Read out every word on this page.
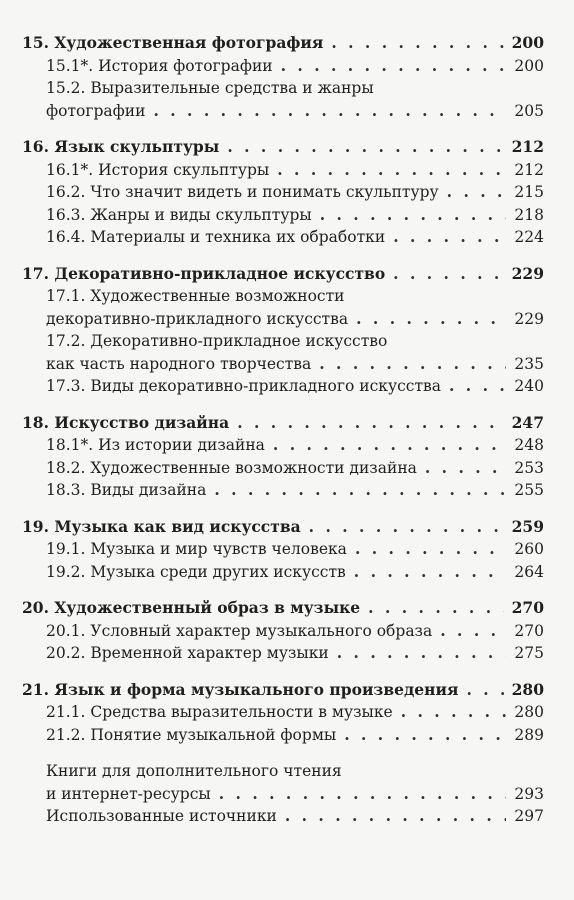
15. Художественная фотография . . .	200
15.1*. История фотографии . . .	200
15.2. Выразительные средства и жанры
фотографии . . .	205
16. Язык скульптуры . . .	212
16.1*. История скульптуры . . .	212
16.2. Что значит видеть и понимать скульптуру . . .	215
16.3. Жанры и виды скульптуры . . .	218
16.4. Материалы и техника их обработки . . .	224
17. Декоративно-прикладное искусство . . .	229
17.1. Художественные возможности
декоративно-прикладного искусства . . .	229
17.2. Декоративно-прикладное искусство
как часть народного творчества . . .	235
17.3. Виды декоративно-прикладного искусства . . .	240
18. Искусство дизайна . . .	247
18.1*. Из истории дизайна . . .	248
18.2. Художественные возможности дизайна . . .	253
18.3. Виды дизайна . . .	255
19. Музыка как вид искусства . . .	259
19.1. Музыка и мир чувств человека . . .	260
19.2. Музыка среди других искусств . . .	264
20. Художественный образ в музыке . . .	270
20.1. Условный характер музыкального образа . . .	270
20.2. Временной характер музыки . . .	275
21. Язык и форма музыкального произведения . . .	280
21.1. Средства выразительности в музыке . . .	280
21.2. Понятие музыкальной формы . . .	289
Книги для дополнительного чтения
и интернет-ресурсы . . .	293
Использованные источники . . .	297
